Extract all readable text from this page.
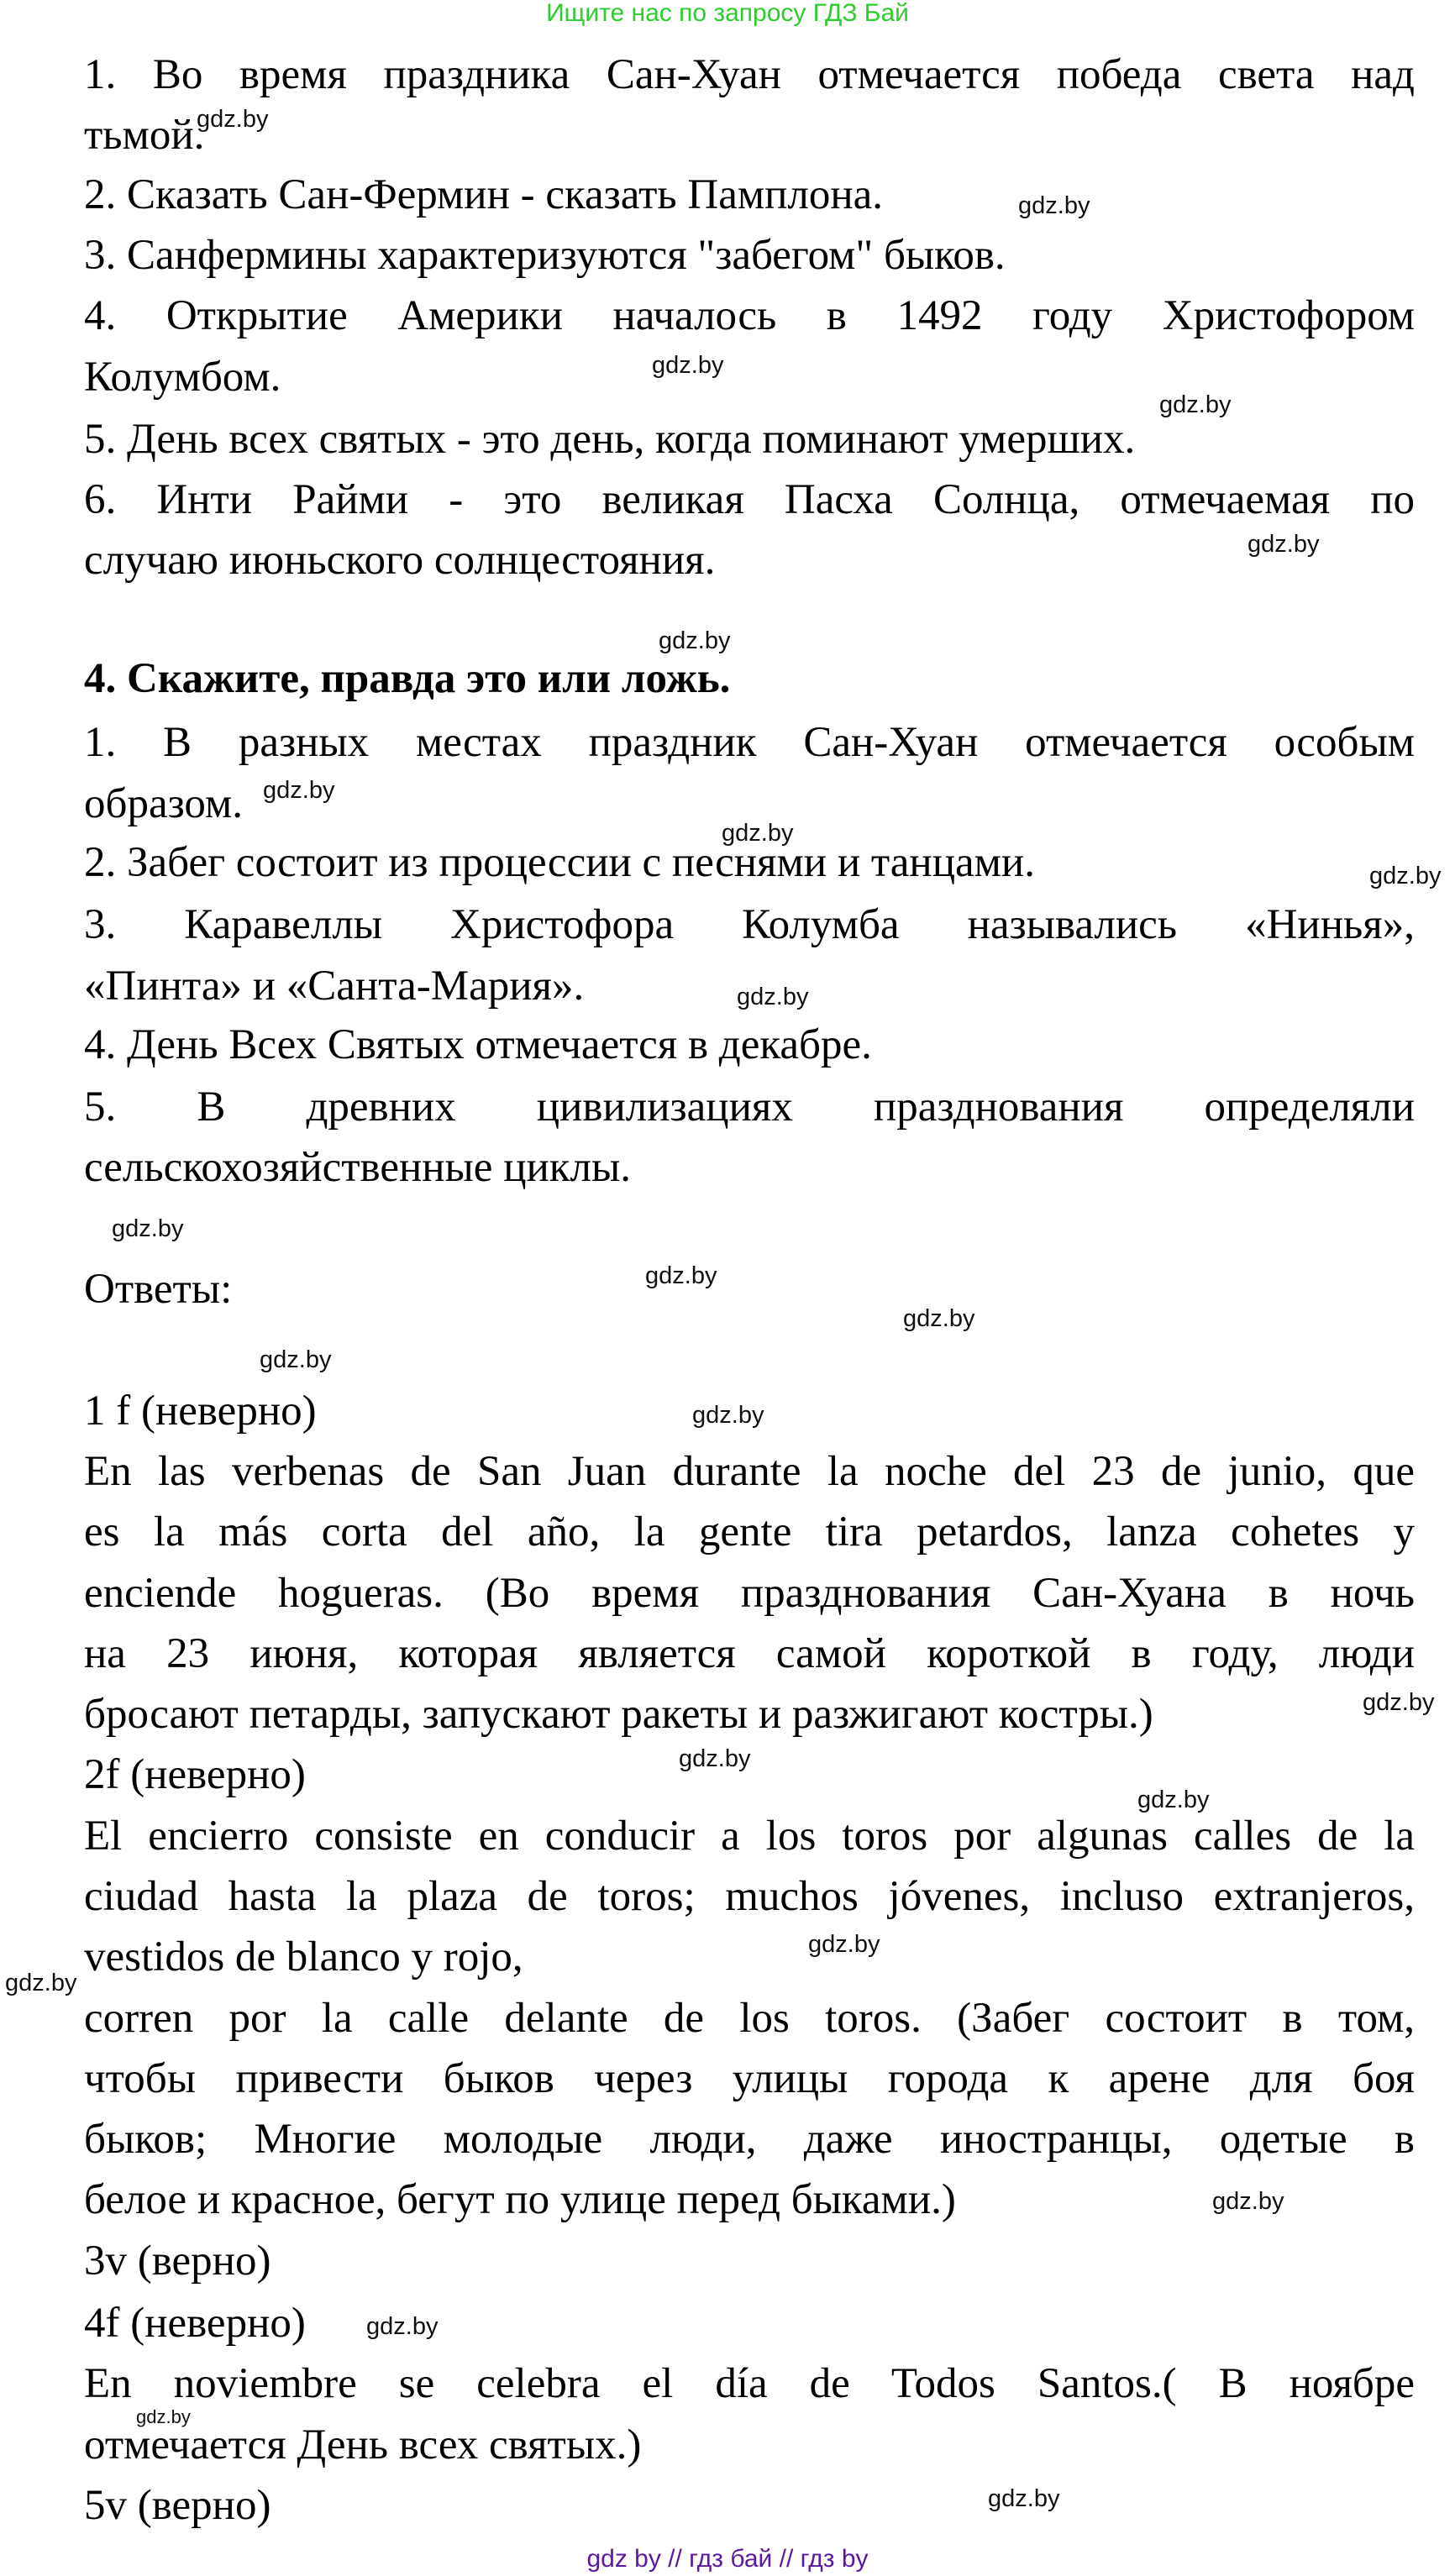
Ищите нас по запросу ГДЗ Бай
1. Во время праздника Сан-Хуан отмечается победа света над
тьмой.
2. Сказать Сан-Фермин - сказать Памплона.
3. Санфермины характеризуются "забегом" быков.
4. Открытие Америки началось в 1492 году Христофором
Колумбом.
5. День всех святых - это день, когда поминают умерших.
6. Инти Райми - это великая Пасха Солнца, отмечаемая по
случаю июньского солнцестояния.
4. Скажите, правда это или ложь.
1. В разных местах праздник Сан-Хуан отмечается особым
образом.
2. Забег состоит из процессии с песнями и танцами.
3. Каравеллы Христофора Колумба назывались «Нинья»,
«Пинта» и «Санта-Мария».
4. День Всех Святых отмечается в декабре.
5. В древних цивилизациях празднования определяли
сельскохозяйственные циклы.
Ответы:
1 f (неверно)
En las verbenas de San Juan durante la noche del 23 de junio, que
es la más corta del año, la gente tira petardos, lanza cohetes y
enciende hogueras. (Во время празднования Сан-Хуана в ночь
на 23 июня, которая является самой короткой в году, люди
бросают петарды, запускают ракеты и разжигают костры.)
2f (неверно)
El encierro consiste en conducir a los toros por algunas calles de la
ciudad hasta la plaza de toros; muchos jóvenes, incluso extranjeros,
vestidos de blanco y rojo,
corren por la calle delante de los toros. (Забег состоит в том,
чтобы привести быков через улицы города к арене для боя
быков; Многие молодые люди, даже иностранцы, одетые в
белое и красное, бегут по улице перед быками.)
3v (верно)
4f (неверно)
En noviembre se celebra el día de Todos Santos.( В ноябре
отмечается День всех святых.)
5v (верно)
gdz.by
gdz.by
gdz.by
gdz.by
gdz.by
gdz.by
gdz.by
gdz.by
gdz.by
gdz.by
gdz.by
gdz.by
gdz.by
gdz.by
gdz.by
gdz.by
gdz.by
gdz.by
gdz.by
gdz.by
gdz.by
gdz.by
gdz.by
gdz.by
gdz by // гдз бай // гдз by
